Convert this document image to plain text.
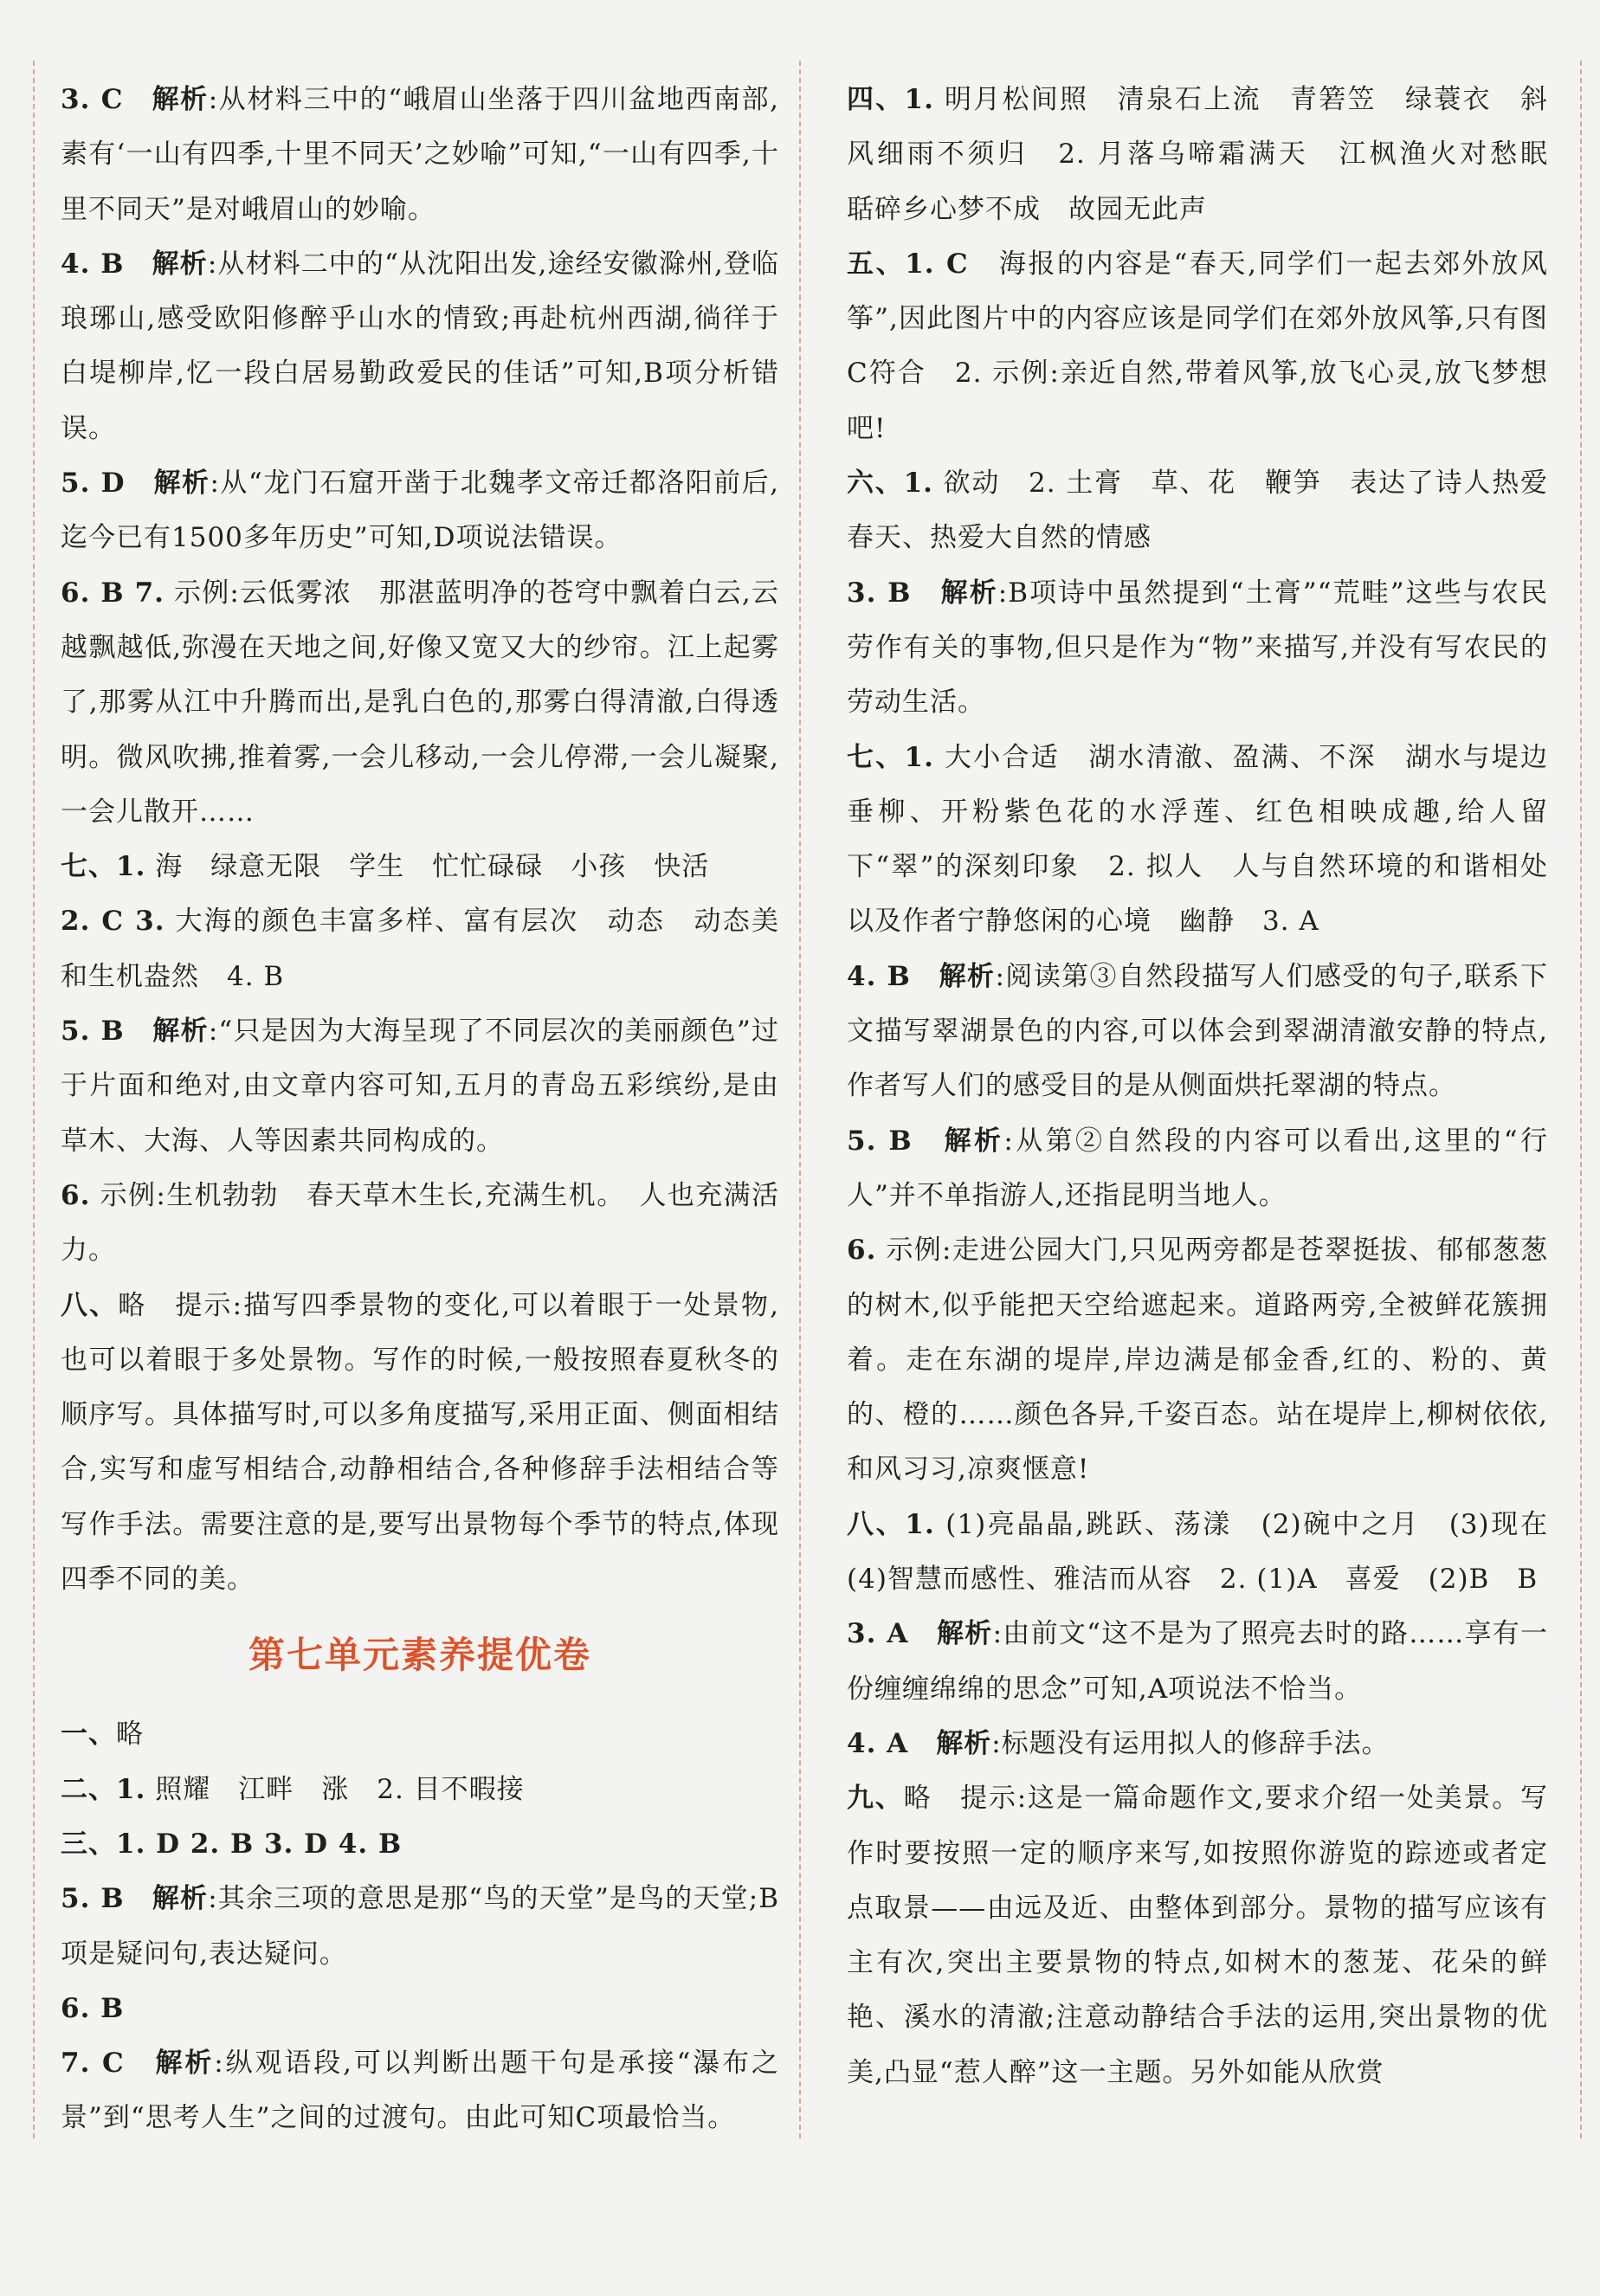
3. C　 解析:从材料三中的“峨眉山坐落于四川盆地西南部,素有‘一山有四季,十里不同天’之妙喻”可知,“一山有四季,十里不同天”是对峨眉山的妙喻。

4. B　 解析:从材料二中的“从沈阳出发,途经安徽滁州,登临琅琊山,感受欧阳修醉乎山水的情致;再赴杭州西湖,徜徉于白堤柳岸,忆一段白居易勤政爱民的佳话”可知,B项分析错误。

5. D　 解析:从“龙门石窟开凿于北魏孝文帝迁都洛阳前后,迄今已有1500多年历史”可知,D项说法错误。

6. B 7. 示例:云低雾浓　那湛蓝明净的苍穹中飘着白云,云越飘越低,弥漫在天地之间,好像又宽又大的纱帘。江上起雾了,那雾从江中升腾而出,是乳白色的,那雾白得清澈,白得透明。微风吹拂,推着雾,一会儿移动,一会儿停滞,一会儿凝聚,一会儿散开……

七、1. 海　绿意无限　学生　忙忙碌碌　小孩　快活

2. C 3. 大海的颜色丰富多样、富有层次　动态　动态美和生机盎然　4. B

5. B　 解析:“只是因为大海呈现了不同层次的美丽颜色”过于片面和绝对,由文章内容可知,五月的青岛五彩缤纷,是由草木、大海、人等因素共同构成的。

6. 示例:生机勃勃　春天草木生长,充满生机。　人也充满活力。

八、略　提示:描写四季景物的变化,可以着眼于一处景物,也可以着眼于多处景物。写作的时候,一般按照春夏秋冬的顺序写。具体描写时,可以多角度描写,采用正面、侧面相结合,实写和虚写相结合,动静相结合,各种修辞手法相结合等写作手法。需要注意的是,要写出景物每个季节的特点,体现四季不同的美。

第七单元素养提优卷

一、略

二、1. 照耀　江畔　涨　2. 目不暇接

三、1. D 2. B 3. D 4. B

5. B　 解析:其余三项的意思是那“鸟的天堂”是鸟的天堂;B项是疑问句,表达疑问。

6. B

7. C　 解析:纵观语段,可以判断出题干句是承接“瀑布之景”到“思考人生”之间的过渡句。由此可知C项最恰当。

四、1. 明月松间照　清泉石上流　青箬笠　绿蓑衣　斜风细雨不须归　2. 月落乌啼霜满天　江枫渔火对愁眠　聒碎乡心梦不成　故园无此声

五、1. C　海报的内容是“春天,同学们一起去郊外放风筝”,因此图片中的内容应该是同学们在郊外放风筝,只有图C符合　2. 示例:亲近自然,带着风筝,放飞心灵,放飞梦想吧!

六、1. 欲动　2. 土膏　草、花　鞭笋　表达了诗人热爱春天、热爱大自然的情感

3. B　 解析:B项诗中虽然提到“土膏”“荒畦”这些与农民劳作有关的事物,但只是作为“物”来描写,并没有写农民的劳动生活。

七、1. 大小合适　湖水清澈、盈满、不深　湖水与堤边垂柳、开粉紫色花的水浮莲、红色相映成趣,给人留下“翠”的深刻印象　2. 拟人　人与自然环境的和谐相处以及作者宁静悠闲的心境　幽静　3. A

4. B　 解析:阅读第③自然段描写人们感受的句子,联系下文描写翠湖景色的内容,可以体会到翠湖清澈安静的特点,作者写人们的感受目的是从侧面烘托翠湖的特点。

5. B　 解析:从第②自然段的内容可以看出,这里的“行人”并不单指游人,还指昆明当地人。

6. 示例:走进公园大门,只见两旁都是苍翠挺拔、郁郁葱葱的树木,似乎能把天空给遮起来。道路两旁,全被鲜花簇拥着。走在东湖的堤岸,岸边满是郁金香,红的、粉的、黄的、橙的……颜色各异,千姿百态。站在堤岸上,柳树依依,和风习习,凉爽惬意!

八、1. (1)亮晶晶,跳跃、荡漾　(2)碗中之月　(3)现在　(4)智慧而感性、雅洁而从容　2. (1)A　喜爱　(2)B　B

3. A　 解析:由前文“这不是为了照亮去时的路……享有一份缠缠绵绵的思念”可知,A项说法不恰当。

4. A　 解析:标题没有运用拟人的修辞手法。

九、略　提示:这是一篇命题作文,要求介绍一处美景。写作时要按照一定的顺序来写,如按照你游览的踪迹或者定点取景——由远及近、由整体到部分。景物的描写应该有主有次,突出主要景物的特点,如树木的葱茏、花朵的鲜艳、溪水的清澈;注意动静结合手法的运用,突出景物的优美,凸显“惹人醉”这一主题。另外如能从欣赏
